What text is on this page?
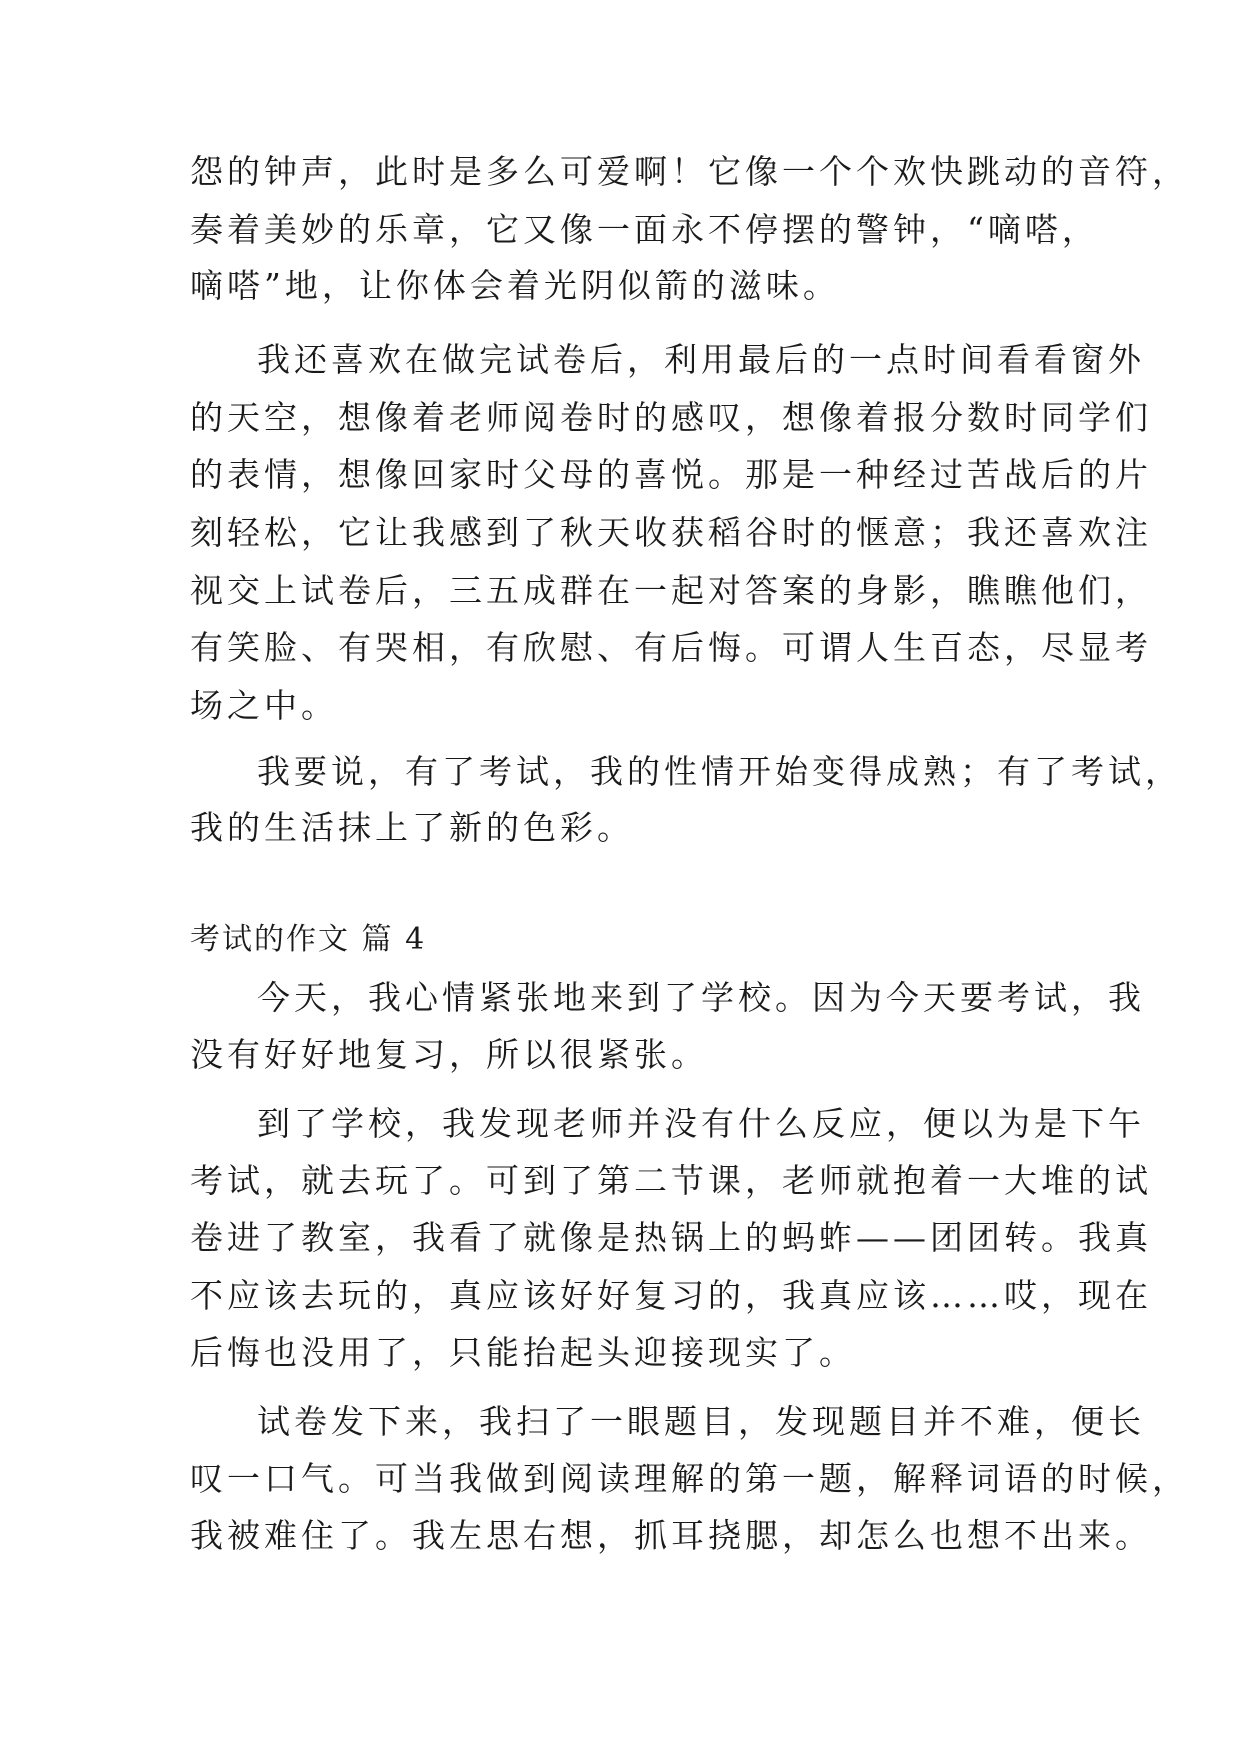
怨的钟声，此时是多么可爱啊！它像一个个欢快跳动的音符，
奏着美妙的乐章，它又像一面永不停摆的警钟，“嘀嗒，
嘀嗒”地，让你体会着光阴似箭的滋味。
我还喜欢在做完试卷后，利用最后的一点时间看看窗外
的天空，想像着老师阅卷时的感叹，想像着报分数时同学们
的表情，想像回家时父母的喜悦。那是一种经过苦战后的片
刻轻松，它让我感到了秋天收获稻谷时的惬意；我还喜欢注
视交上试卷后，三五成群在一起对答案的身影，瞧瞧他们，
有笑脸、有哭相，有欣慰、有后悔。可谓人生百态，尽显考
场之中。
我要说，有了考试，我的性情开始变得成熟；有了考试，
我的生活抹上了新的色彩。
考试的作文 篇 4
今天，我心情紧张地来到了学校。因为今天要考试，我
没有好好地复习，所以很紧张。
到了学校，我发现老师并没有什么反应，便以为是下午
考试，就去玩了。可到了第二节课，老师就抱着一大堆的试
卷进了教室，我看了就像是热锅上的蚂蚱——团团转。我真
不应该去玩的，真应该好好复习的，我真应该……哎，现在
后悔也没用了，只能抬起头迎接现实了。
试卷发下来，我扫了一眼题目，发现题目并不难，便长
叹一口气。可当我做到阅读理解的第一题，解释词语的时候，
我被难住了。我左思右想，抓耳挠腮，却怎么也想不出来。
